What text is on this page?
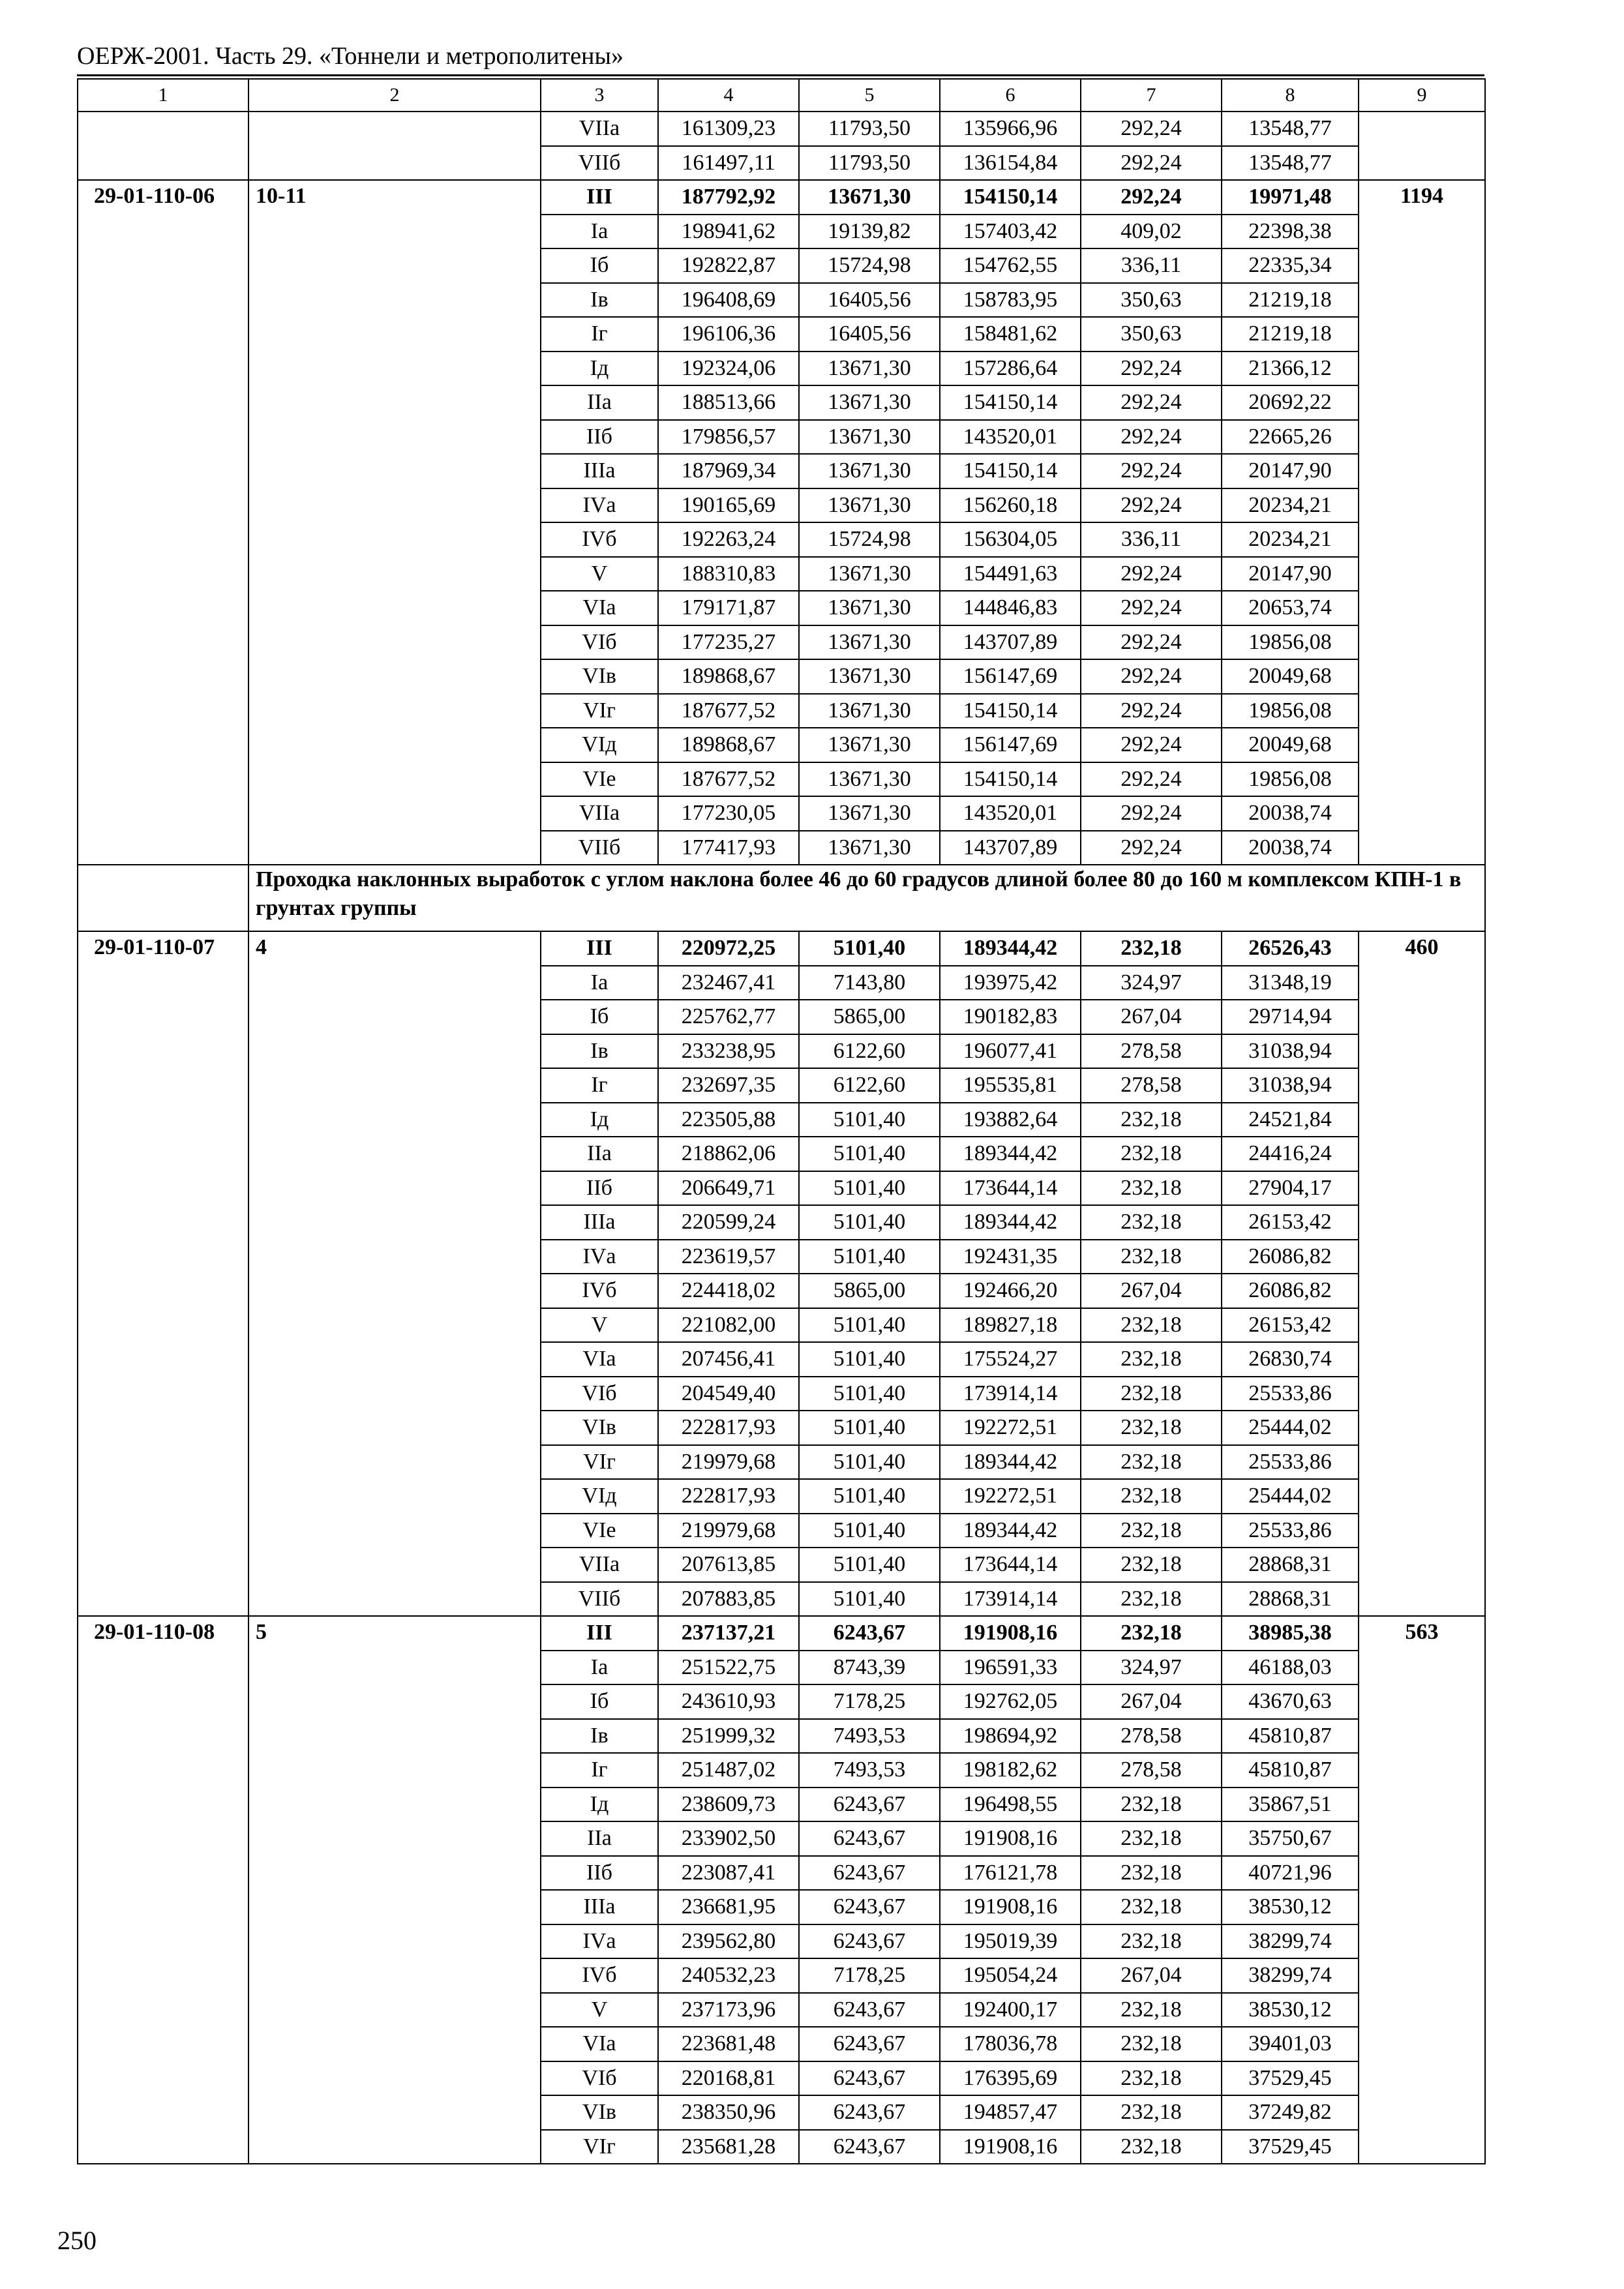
ОЕРЖ-2001. Часть 29. «Тоннели и метрополитены»
1	2	3	4	5	6	7	8	9
		VIIа	161309,23	11793,50	135966,96	292,24	13548,77	
		VIIб	161497,11	11793,50	136154,84	292,24	13548,77	
29-01-110-06	10-11	III	187792,92	13671,30	154150,14	292,24	19971,48	1194
		Iа	198941,62	19139,82	157403,42	409,02	22398,38	
		Iб	192822,87	15724,98	154762,55	336,11	22335,34	
		Iв	196408,69	16405,56	158783,95	350,63	21219,18	
		Iг	196106,36	16405,56	158481,62	350,63	21219,18	
		Iд	192324,06	13671,30	157286,64	292,24	21366,12	
		IIа	188513,66	13671,30	154150,14	292,24	20692,22	
		IIб	179856,57	13671,30	143520,01	292,24	22665,26	
		IIIа	187969,34	13671,30	154150,14	292,24	20147,90	
		IVа	190165,69	13671,30	156260,18	292,24	20234,21	
		IVб	192263,24	15724,98	156304,05	336,11	20234,21	
		V	188310,83	13671,30	154491,63	292,24	20147,90	
		VIа	179171,87	13671,30	144846,83	292,24	20653,74	
		VIб	177235,27	13671,30	143707,89	292,24	19856,08	
		VIв	189868,67	13671,30	156147,69	292,24	20049,68	
		VIг	187677,52	13671,30	154150,14	292,24	19856,08	
		VIд	189868,67	13671,30	156147,69	292,24	20049,68	
		VIе	187677,52	13671,30	154150,14	292,24	19856,08	
		VIIа	177230,05	13671,30	143520,01	292,24	20038,74	
		VIIб	177417,93	13671,30	143707,89	292,24	20038,74	
	Проходка наклонных выработок с углом наклона более 46 до 60 градусов длиной более 80 до 160 м комплексом КПН-1 в грунтах группы							
29-01-110-07	4	III	220972,25	5101,40	189344,42	232,18	26526,43	460
		Iа	232467,41	7143,80	193975,42	324,97	31348,19	
		Iб	225762,77	5865,00	190182,83	267,04	29714,94	
		Iв	233238,95	6122,60	196077,41	278,58	31038,94	
		Iг	232697,35	6122,60	195535,81	278,58	31038,94	
		Iд	223505,88	5101,40	193882,64	232,18	24521,84	
		IIа	218862,06	5101,40	189344,42	232,18	24416,24	
		IIб	206649,71	5101,40	173644,14	232,18	27904,17	
		IIIа	220599,24	5101,40	189344,42	232,18	26153,42	
		IVа	223619,57	5101,40	192431,35	232,18	26086,82	
		IVб	224418,02	5865,00	192466,20	267,04	26086,82	
		V	221082,00	5101,40	189827,18	232,18	26153,42	
		VIа	207456,41	5101,40	175524,27	232,18	26830,74	
		VIб	204549,40	5101,40	173914,14	232,18	25533,86	
		VIв	222817,93	5101,40	192272,51	232,18	25444,02	
		VIг	219979,68	5101,40	189344,42	232,18	25533,86	
		VIд	222817,93	5101,40	192272,51	232,18	25444,02	
		VIе	219979,68	5101,40	189344,42	232,18	25533,86	
		VIIа	207613,85	5101,40	173644,14	232,18	28868,31	
		VIIб	207883,85	5101,40	173914,14	232,18	28868,31	
29-01-110-08	5	III	237137,21	6243,67	191908,16	232,18	38985,38	563
		Iа	251522,75	8743,39	196591,33	324,97	46188,03	
		Iб	243610,93	7178,25	192762,05	267,04	43670,63	
		Iв	251999,32	7493,53	198694,92	278,58	45810,87	
		Iг	251487,02	7493,53	198182,62	278,58	45810,87	
		Iд	238609,73	6243,67	196498,55	232,18	35867,51	
		IIа	233902,50	6243,67	191908,16	232,18	35750,67	
		IIб	223087,41	6243,67	176121,78	232,18	40721,96	
		IIIа	236681,95	6243,67	191908,16	232,18	38530,12	
		IVа	239562,80	6243,67	195019,39	232,18	38299,74	
		IVб	240532,23	7178,25	195054,24	267,04	38299,74	
		V	237173,96	6243,67	192400,17	232,18	38530,12	
		VIа	223681,48	6243,67	178036,78	232,18	39401,03	
		VIб	220168,81	6243,67	176395,69	232,18	37529,45	
		VIв	238350,96	6243,67	194857,47	232,18	37249,82	
		VIг	235681,28	6243,67	191908,16	232,18	37529,45	
250
